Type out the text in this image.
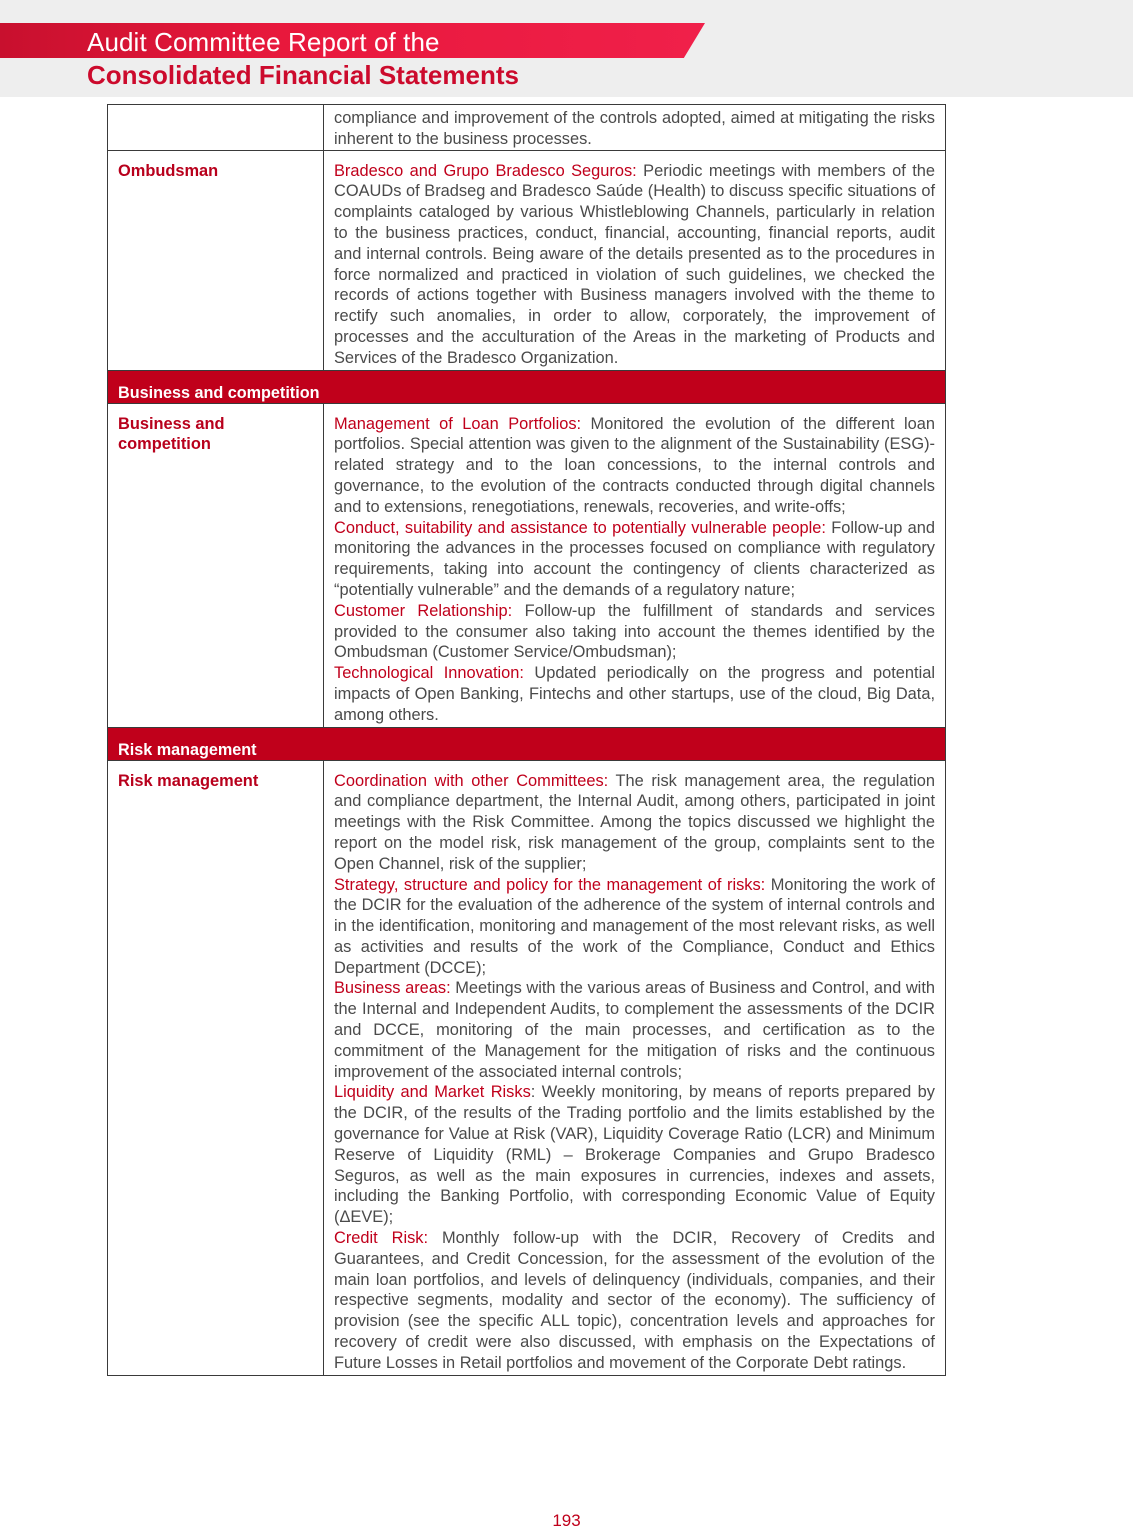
Audit Committee Report of the
Consolidated Financial Statements

	compliance and improvement of the controls adopted, aimed at mitigating the risks inherent to the business processes.

Ombudsman	Bradesco and Grupo Bradesco Seguros: Periodic meetings with members of the COAUDs of Bradseg and Bradesco Saúde (Health) to discuss specific situations of complaints cataloged by various Whistleblowing Channels, particularly in relation to the business practices, conduct, financial, accounting, financial reports, audit and internal controls. Being aware of the details presented as to the procedures in force normalized and practiced in violation of such guidelines, we checked the records of actions together with Business managers involved with the theme to rectify such anomalies, in order to allow, corporately, the improvement of processes and the acculturation of the Areas in the marketing of Products and Services of the Bradesco Organization.

Business and competition	
Business and competition	Management of Loan Portfolios: Monitored the evolution of the different loan portfolios. Special attention was given to the alignment of the Sustainability (ESG)-related strategy and to the loan concessions, to the internal controls and governance, to the evolution of the contracts conducted through digital channels and to extensions, renegotiations, renewals, recoveries, and write-offs;

Conduct, suitability and assistance to potentially vulnerable people: Follow-up and monitoring the advances in the processes focused on compliance with regulatory requirements, taking into account the contingency of clients characterized as “potentially vulnerable” and the demands of a regulatory nature;

Customer Relationship: Follow-up the fulfillment of standards and services provided to the consumer also taking into account the themes identified by the Ombudsman (Customer Service/Ombudsman);

Technological Innovation: Updated periodically on the progress and potential impacts of Open Banking, Fintechs and other startups, use of the cloud, Big Data, among others.

Risk management	
Risk management	Coordination with other Committees: The risk management area, the regulation and compliance department, the Internal Audit, among others, participated in joint meetings with the Risk Committee. Among the topics discussed we highlight the report on the model risk, risk management of the group, complaints sent to the Open Channel, risk of the supplier;

Strategy, structure and policy for the management of risks: Monitoring the work of the DCIR for the evaluation of the adherence of the system of internal controls and in the identification, monitoring and management of the most relevant risks, as well as activities and results of the work of the Compliance, Conduct and Ethics Department (DCCE);

Business areas: Meetings with the various areas of Business and Control, and with the Internal and Independent Audits, to complement the assessments of the DCIR and DCCE, monitoring of the main processes, and certification as to the commitment of the Management for the mitigation of risks and the continuous improvement of the associated internal controls;

Liquidity and Market Risks: Weekly monitoring, by means of reports prepared by the DCIR, of the results of the Trading portfolio and the limits established by the governance for Value at Risk (VAR), Liquidity Coverage Ratio (LCR) and Minimum Reserve of Liquidity (RML) – Brokerage Companies and Grupo Bradesco Seguros, as well as the main exposures in currencies, indexes and assets, including the Banking Portfolio, with corresponding Economic Value of Equity (ΔEVE);

Credit Risk: Monthly follow-up with the DCIR, Recovery of Credits and Guarantees, and Credit Concession, for the assessment of the evolution of the main loan portfolios, and levels of delinquency (individuals, companies, and their respective segments, modality and sector of the economy). The sufficiency of provision (see the specific ALL topic), concentration levels and approaches for recovery of credit were also discussed, with emphasis on the Expectations of Future Losses in Retail portfolios and movement of the Corporate Debt ratings.

193
